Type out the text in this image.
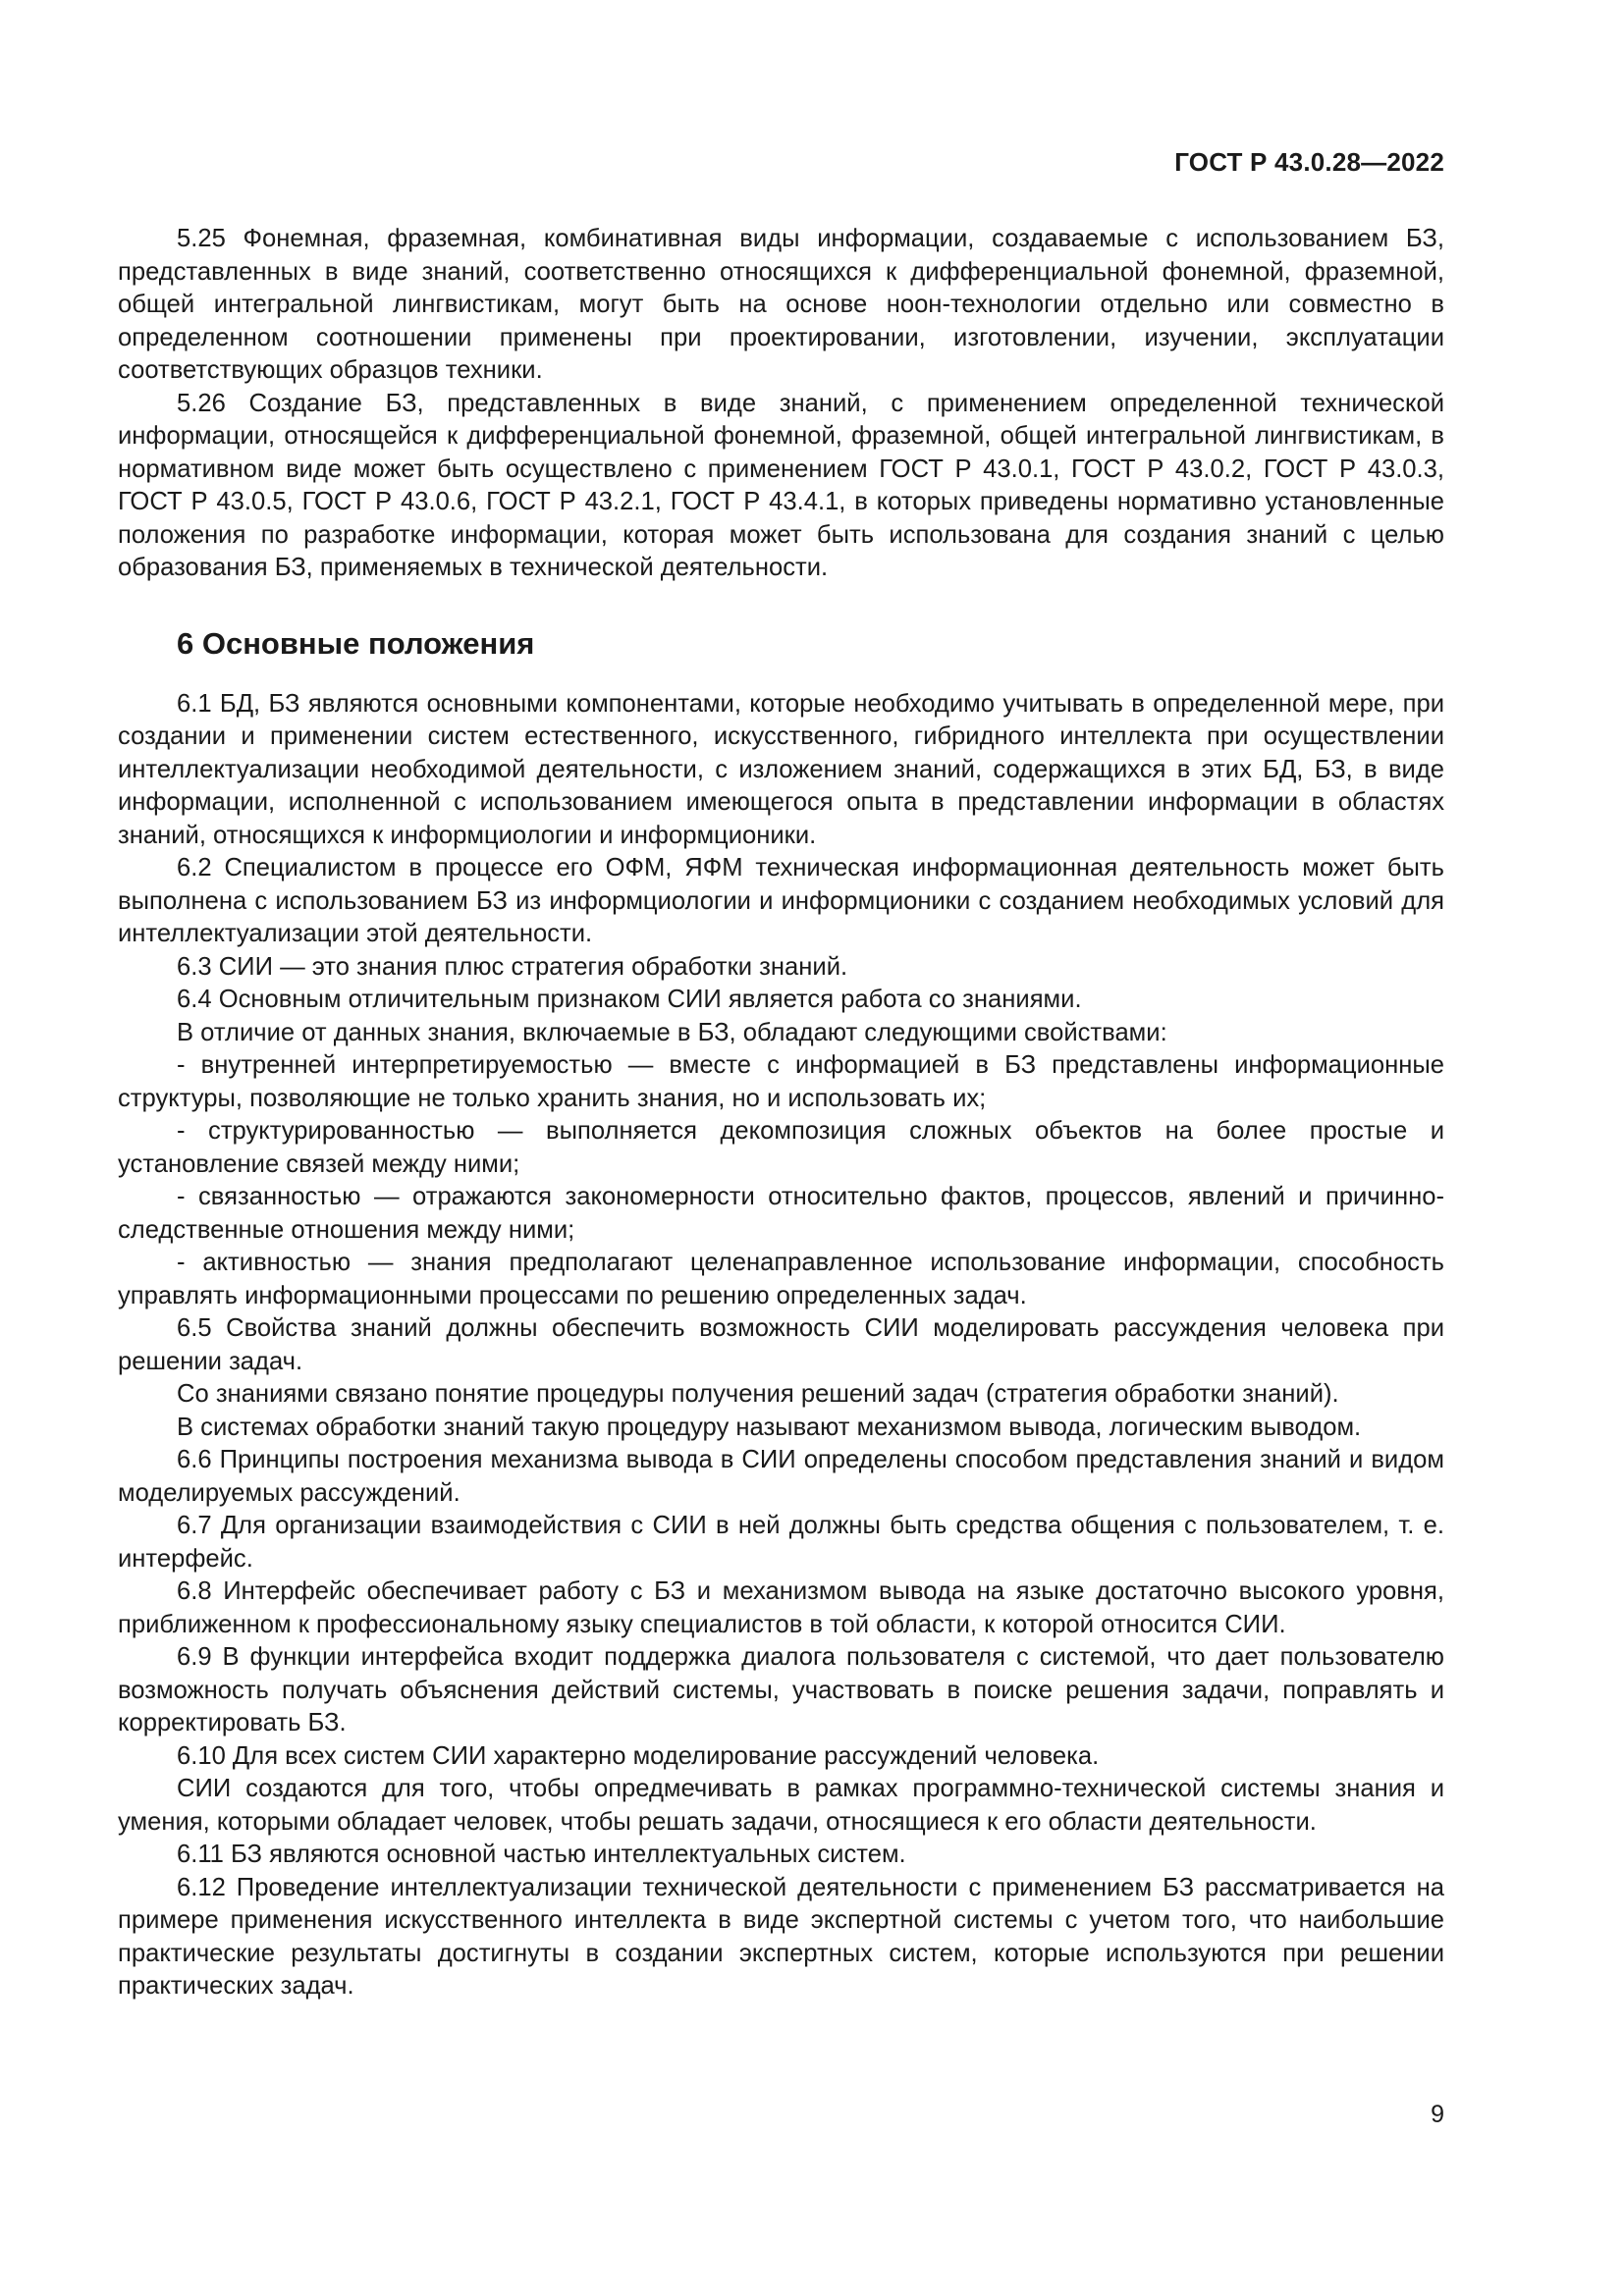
ГОСТ Р 43.0.28—2022

5.25 Фонемная, фраземная, комбинативная виды информации, создаваемые с использованием БЗ, представленных в виде знаний, соответственно относящихся к дифференциальной фонемной, фраземной, общей интегральной лингвистикам, могут быть на основе ноон-технологии отдельно или совместно в определенном соотношении применены при проектировании, изготовлении, изучении, эксплуатации соответствующих образцов техники.

5.26 Создание БЗ, представленных в виде знаний, с применением определенной технической информации, относящейся к дифференциальной фонемной, фраземной, общей интегральной лингвистикам, в нормативном виде может быть осуществлено с применением ГОСТ Р 43.0.1, ГОСТ Р 43.0.2, ГОСТ Р 43.0.3, ГОСТ Р 43.0.5, ГОСТ Р 43.0.6, ГОСТ Р 43.2.1, ГОСТ Р 43.4.1, в которых приведены нормативно установленные положения по разработке информации, которая может быть использована для создания знаний с целью образования БЗ, применяемых в технической деятельности.

6 Основные положения

6.1 БД, БЗ являются основными компонентами, которые необходимо учитывать в определенной мере, при создании и применении систем естественного, искусственного, гибридного интеллекта при осуществлении интеллектуализации необходимой деятельности, с изложением знаний, содержащихся в этих БД, БЗ, в виде информации, исполненной с использованием имеющегося опыта в представлении информации в областях знаний, относящихся к информциологии и информционики.

6.2 Специалистом в процессе его ОФМ, ЯФМ техническая информационная деятельность может быть выполнена с использованием БЗ из информциологии и информционики с созданием необходимых условий для интеллектуализации этой деятельности.

6.3 СИИ — это знания плюс стратегия обработки знаний.

6.4 Основным отличительным признаком СИИ является работа со знаниями.

В отличие от данных знания, включаемые в БЗ, обладают следующими свойствами:

- внутренней интерпретируемостью — вместе с информацией в БЗ представлены информационные структуры, позволяющие не только хранить знания, но и использовать их;

- структурированностью — выполняется декомпозиция сложных объектов на более простые и установление связей между ними;

- связанностью — отражаются закономерности относительно фактов, процессов, явлений и причинно-следственные отношения между ними;

- активностью — знания предполагают целенаправленное использование информации, способность управлять информационными процессами по решению определенных задач.

6.5 Свойства знаний должны обеспечить возможность СИИ моделировать рассуждения человека при решении задач.

Со знаниями связано понятие процедуры получения решений задач (стратегия обработки знаний).

В системах обработки знаний такую процедуру называют механизмом вывода, логическим выводом.

6.6 Принципы построения механизма вывода в СИИ определены способом представления знаний и видом моделируемых рассуждений.

6.7 Для организации взаимодействия с СИИ в ней должны быть средства общения с пользователем, т. е. интерфейс.

6.8 Интерфейс обеспечивает работу с БЗ и механизмом вывода на языке достаточно высокого уровня, приближенном к профессиональному языку специалистов в той области, к которой относится СИИ.

6.9 В функции интерфейса входит поддержка диалога пользователя с системой, что дает пользователю возможность получать объяснения действий системы, участвовать в поиске решения задачи, поправлять и корректировать БЗ.

6.10 Для всех систем СИИ характерно моделирование рассуждений человека.

СИИ создаются для того, чтобы опредмечивать в рамках программно-технической системы знания и умения, которыми обладает человек, чтобы решать задачи, относящиеся к его области деятельности.

6.11 БЗ являются основной частью интеллектуальных систем.

6.12 Проведение интеллектуализации технической деятельности с применением БЗ рассматривается на примере применения искусственного интеллекта в виде экспертной системы с учетом того, что наибольшие практические результаты достигнуты в создании экспертных систем, которые используются при решении практических задач.

9
